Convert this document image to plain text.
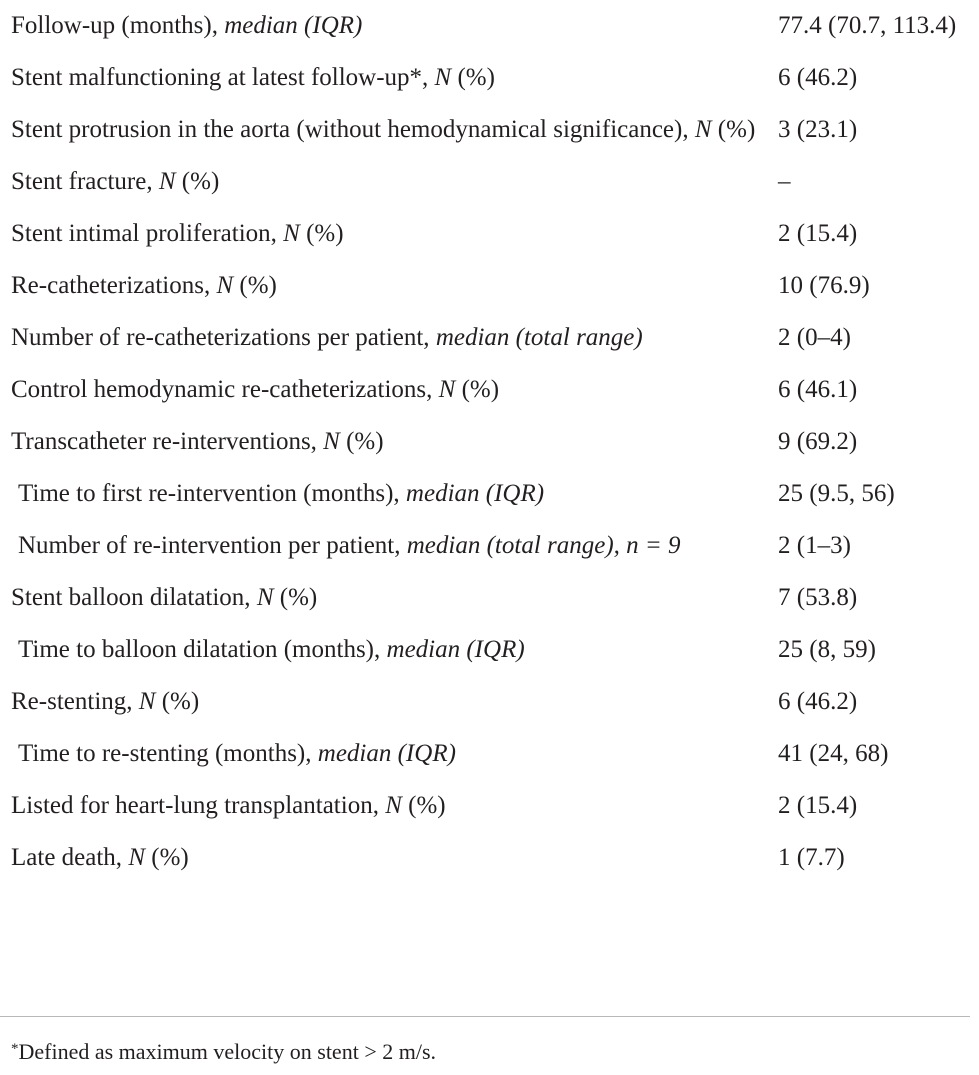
Follow-up (months), median (IQR)	77.4 (70.7, 113.4)
Stent malfunctioning at latest follow-up*, N (%)	6 (46.2)
Stent protrusion in the aorta (without hemodynamical significance), N (%)	3 (23.1)
Stent fracture, N (%)	–
Stent intimal proliferation, N (%)	2 (15.4)
Re-catheterizations, N (%)	10 (76.9)
Number of re-catheterizations per patient, median (total range)	2 (0–4)
Control hemodynamic re-catheterizations, N (%)	6 (46.1)
Transcatheter re-interventions, N (%)	9 (69.2)
Time to first re-intervention (months), median (IQR)	25 (9.5, 56)
Number of re-intervention per patient, median (total range), n = 9	2 (1–3)
Stent balloon dilatation, N (%)	7 (53.8)
Time to balloon dilatation (months), median (IQR)	25 (8, 59)
Re-stenting, N (%)	6 (46.2)
Time to re-stenting (months), median (IQR)	41 (24, 68)
Listed for heart-lung transplantation, N (%)	2 (15.4)
Late death, N (%)	1 (7.7)
*Defined as maximum velocity on stent > 2 m/s.
